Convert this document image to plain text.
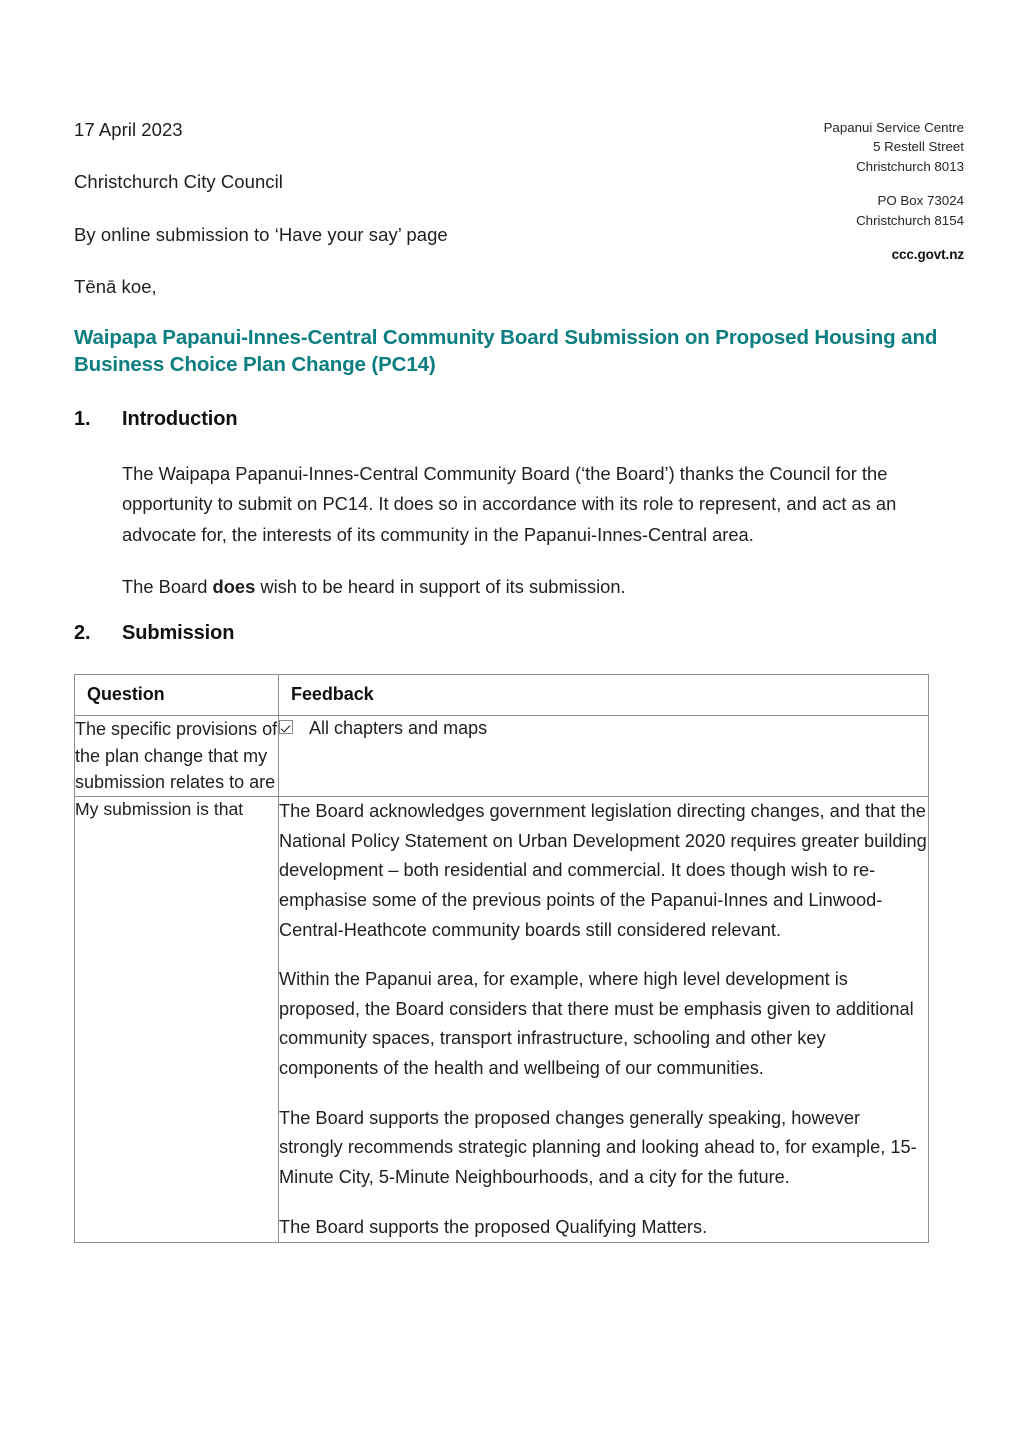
17 April 2023
Christchurch City Council
By online submission to ‘Have your say’ page
Tēnā koe,
Papanui Service Centre
5 Restell Street
Christchurch 8013
PO Box 73024
Christchurch 8154
ccc.govt.nz
Waipapa Papanui-Innes-Central Community Board Submission on Proposed Housing and Business Choice Plan Change (PC14)
1. Introduction

The Waipapa Papanui-Innes-Central Community Board (‘the Board’) thanks the Council for the opportunity to submit on PC14. It does so in accordance with its role to represent, and act as an advocate for, the interests of its community in the Papanui-Innes-Central area.

The Board does wish to be heard in support of its submission.

2. Submission
Question	Feedback
The specific provisions of the plan change that my submission relates to are	All chapters and maps

My submission is that	The Board acknowledges government legislation directing changes, and that the National Policy Statement on Urban Development 2020 requires greater building development – both residential and commercial. It does though wish to re-emphasise some of the previous points of the Papanui-Innes and Linwood-Central-Heathcote community boards still considered relevant.

Within the Papanui area, for example, where high level development is proposed, the Board considers that there must be emphasis given to additional community spaces, transport infrastructure, schooling and other key components of the health and wellbeing of our communities.

The Board supports the proposed changes generally speaking, however strongly recommends strategic planning and looking ahead to, for example, 15-Minute City, 5-Minute Neighbourhoods, and a city for the future.

The Board supports the proposed Qualifying Matters.
